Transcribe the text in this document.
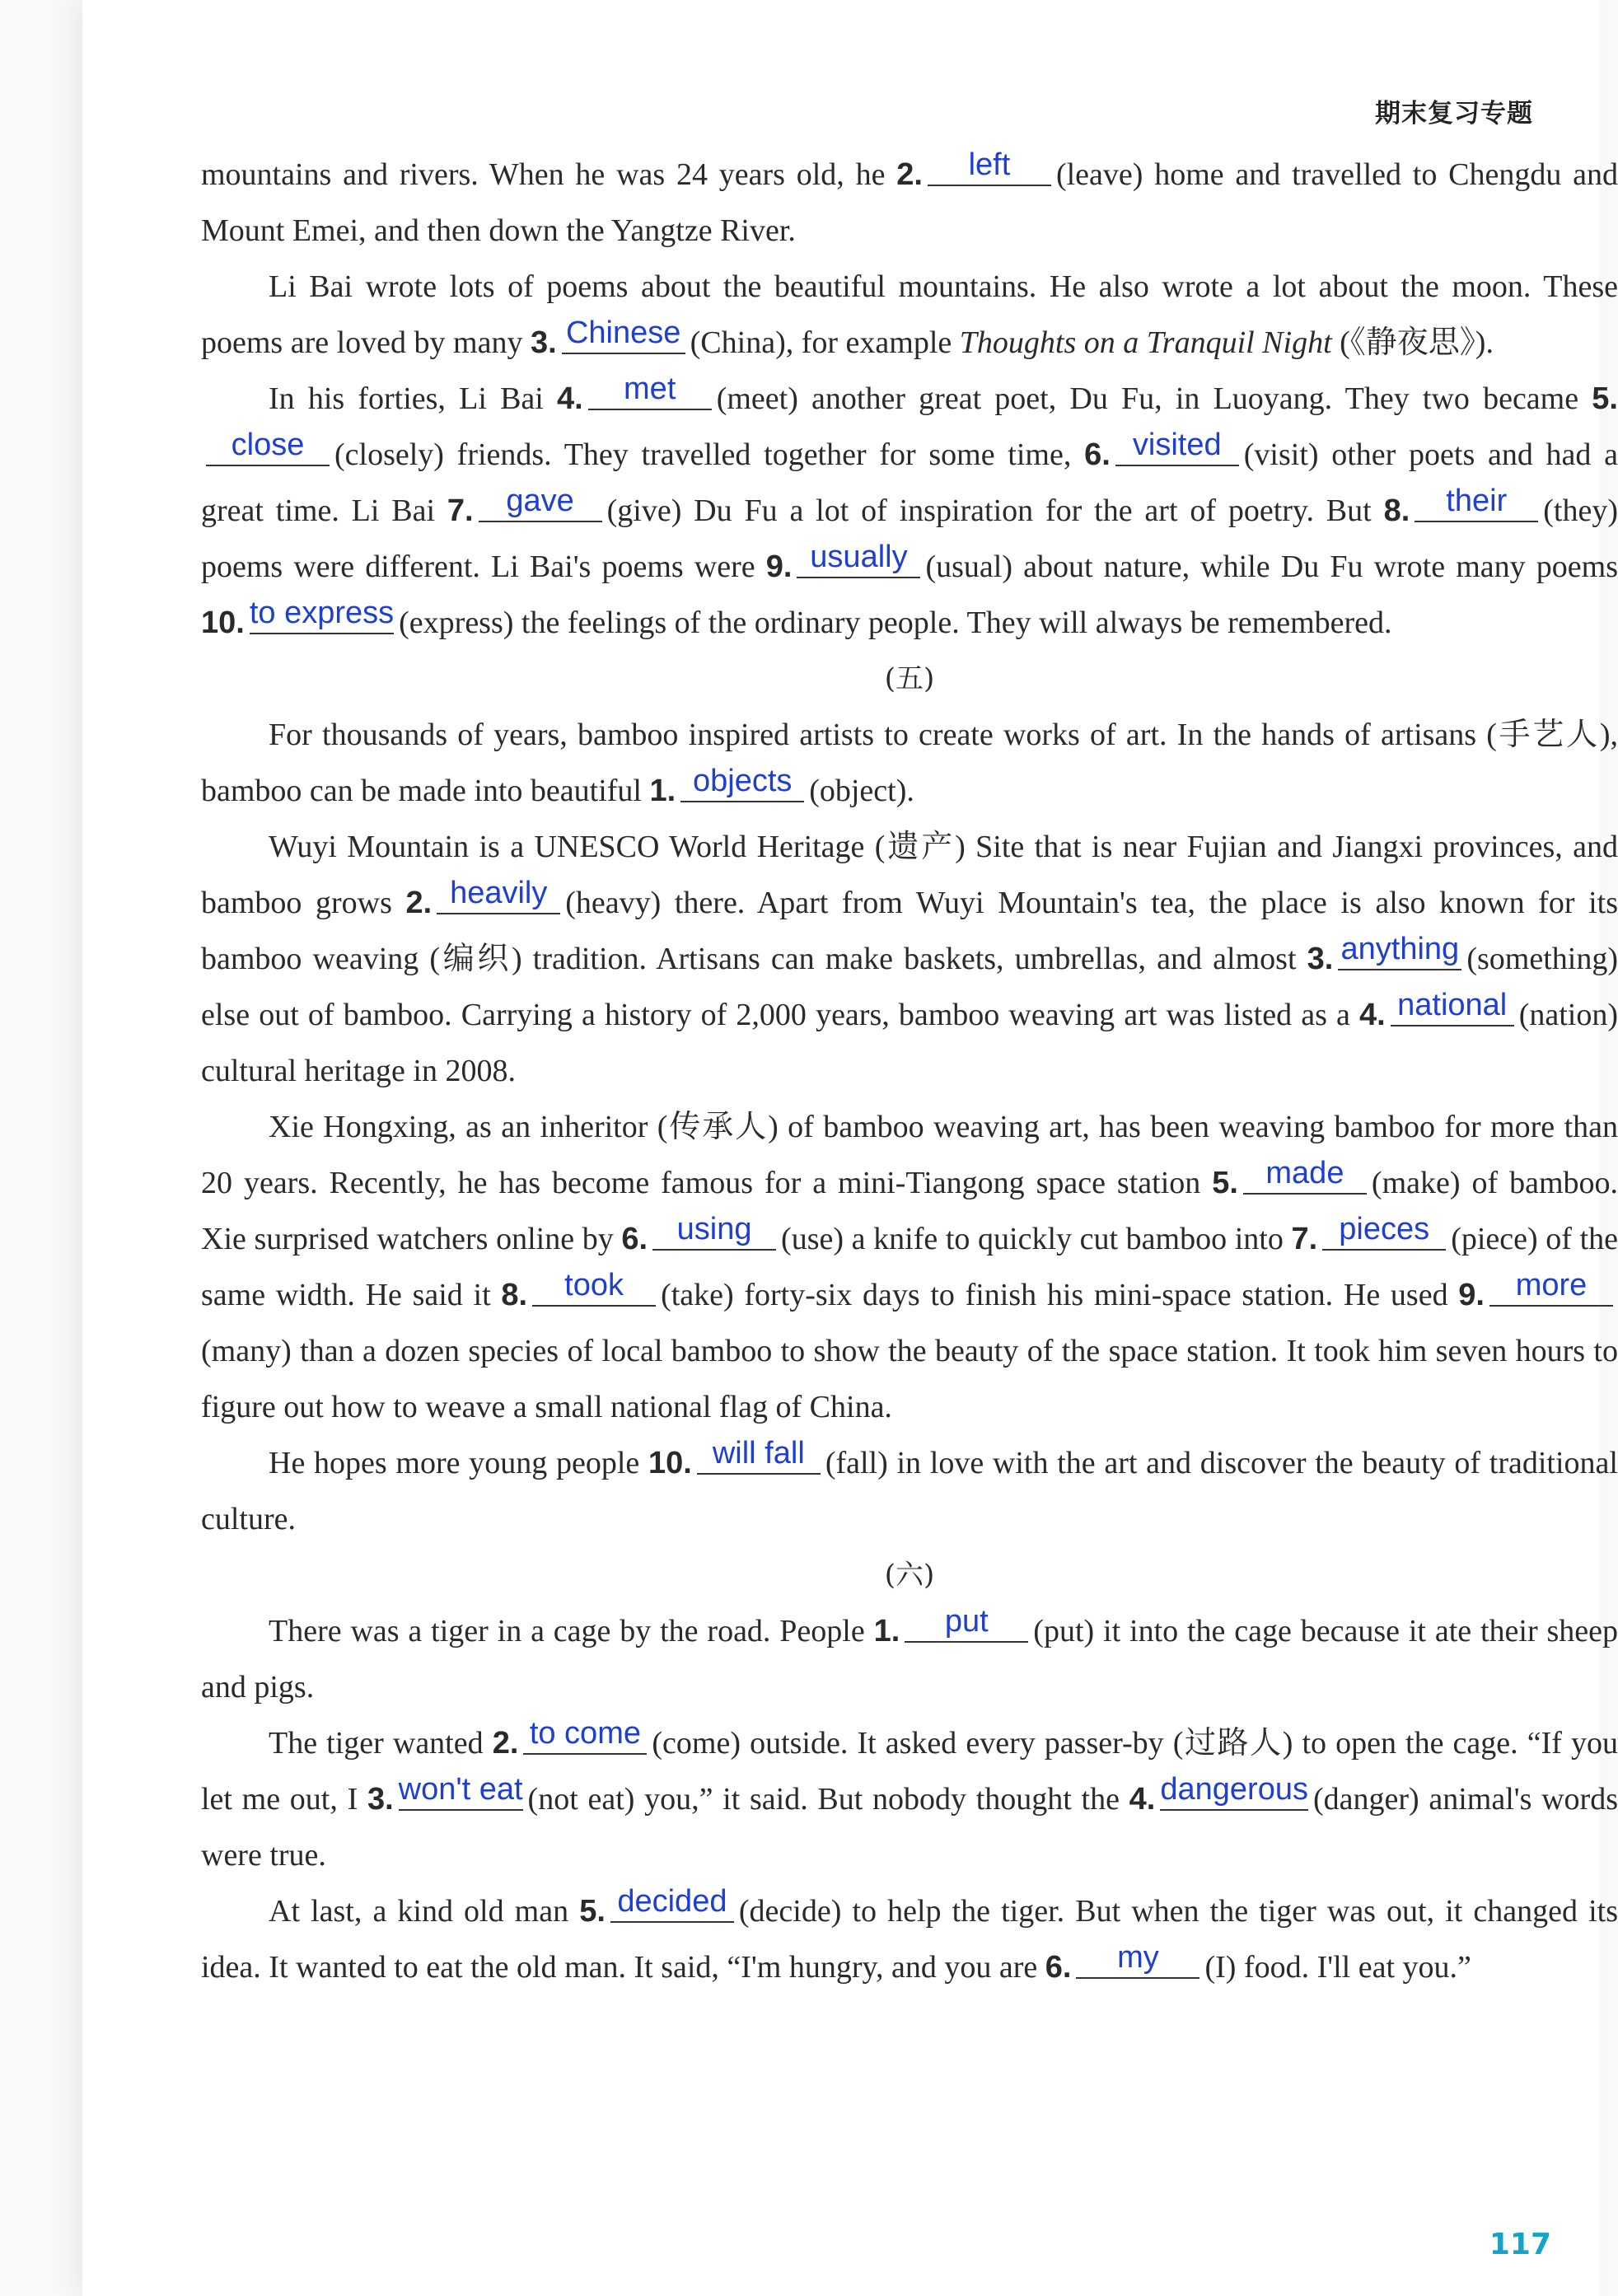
期末复习专题

mountains and rivers. When he was 24 years old, he 2. left (leave) home and travelled to Chengdu and Mount Emei, and then down the Yangtze River.

Li Bai wrote lots of poems about the beautiful mountains. He also wrote a lot about the moon. These poems are loved by many 3. Chinese (China), for example Thoughts on a Tranquil Night (《静夜思》).

In his forties, Li Bai 4. met (meet) another great poet, Du Fu, in Luoyang. They two became 5.close (closely) friends. They travelled together for some time, 6. visited (visit) other poets and had a great time. Li Bai 7. gave (give) Du Fu a lot of inspiration for the art of poetry. But 8. their (they) poems were different. Li Bai's poems were 9. usually (usual) about nature, while Du Fu wrote many poems 10. to express (express) the feelings of the ordinary people. They will always be remembered.

(五)

For thousands of years, bamboo inspired artists to create works of art. In the hands of artisans (手艺人), bamboo can be made into beautiful 1. objects (object).

Wuyi Mountain is a UNESCO World Heritage (遗产) Site that is near Fujian and Jiangxi provinces, and bamboo grows 2. heavily (heavy) there. Apart from Wuyi Mountain's tea, the place is also known for its bamboo weaving (编织) tradition. Artisans can make baskets, umbrellas, and almost 3. anything (something) else out of bamboo. Carrying a history of 2,000 years, bamboo weaving art was listed as a 4. national (nation) cultural heritage in 2008.

Xie Hongxing, as an inheritor (传承人) of bamboo weaving art, has been weaving bamboo for more than 20 years. Recently, he has become famous for a mini-Tiangong space station 5. made (make) of bamboo. Xie surprised watchers online by 6. using (use) a knife to quickly cut bamboo into 7. pieces (piece) of the same width. He said it 8. took (take) forty-six days to finish his mini-space station. He used 9. more(many) than a dozen species of local bamboo to show the beauty of the space station. It took him seven hours to figure out how to weave a small national flag of China.

He hopes more young people 10. will fall (fall) in love with the art and discover the beauty of traditional culture.

(六)

There was a tiger in a cage by the road. People 1. put (put) it into the cage because it ate their sheep and pigs.

The tiger wanted 2. to come (come) outside. It asked every passer-by (过路人) to open the cage. “If you let me out, I 3. won't eat (not eat) you,” it said. But nobody thought the 4. dangerous (danger) animal's words were true.

At last, a kind old man 5. decided (decide) to help the tiger. But when the tiger was out, it changed its idea. It wanted to eat the old man. It said, “I'm hungry, and you are 6. my (I) food. I'll eat you.”

117
